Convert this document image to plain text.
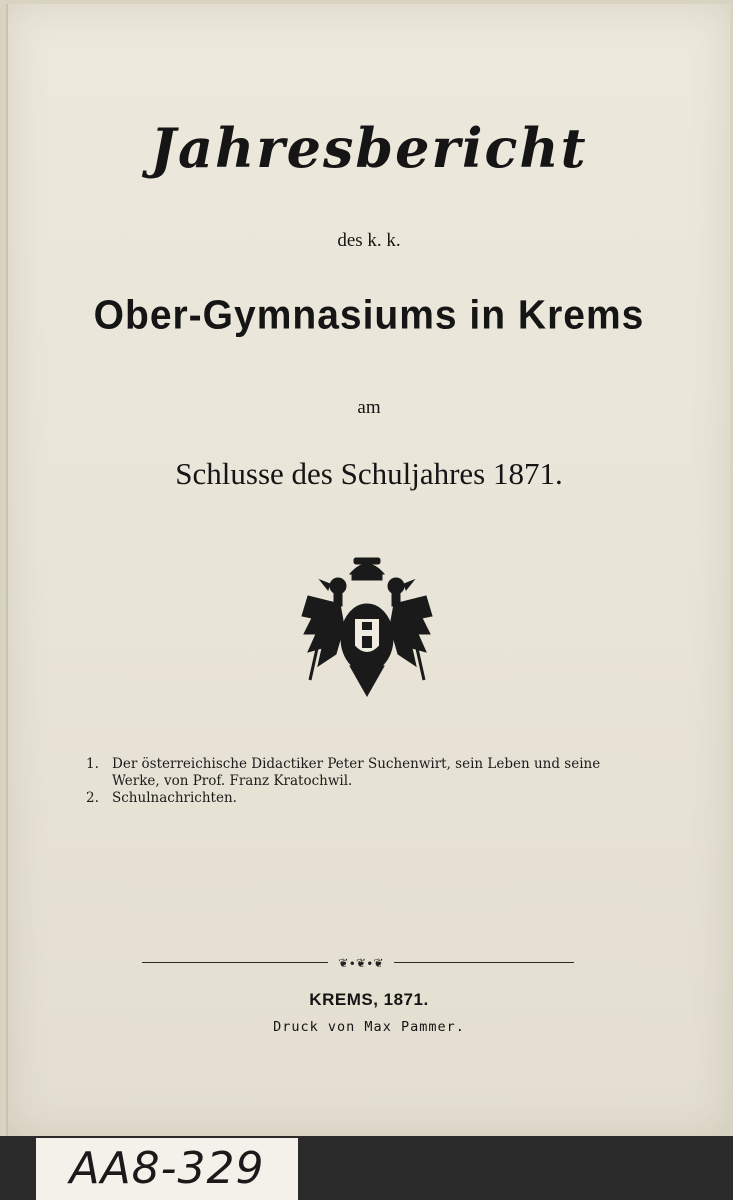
Jahresbericht
des k. k.
Ober-Gymnasiums in Krems
am
Schlusse des Schuljahres 1871.
1. Der österreichische Didactiker Peter Suchenwirt, sein Leben und seine Werke, von Prof. Franz Kratochwil.
2. Schulnachrichten.
❦∙❦∙❦
KREMS, 1871.
Druck von Max Pammer.
AA8-329
